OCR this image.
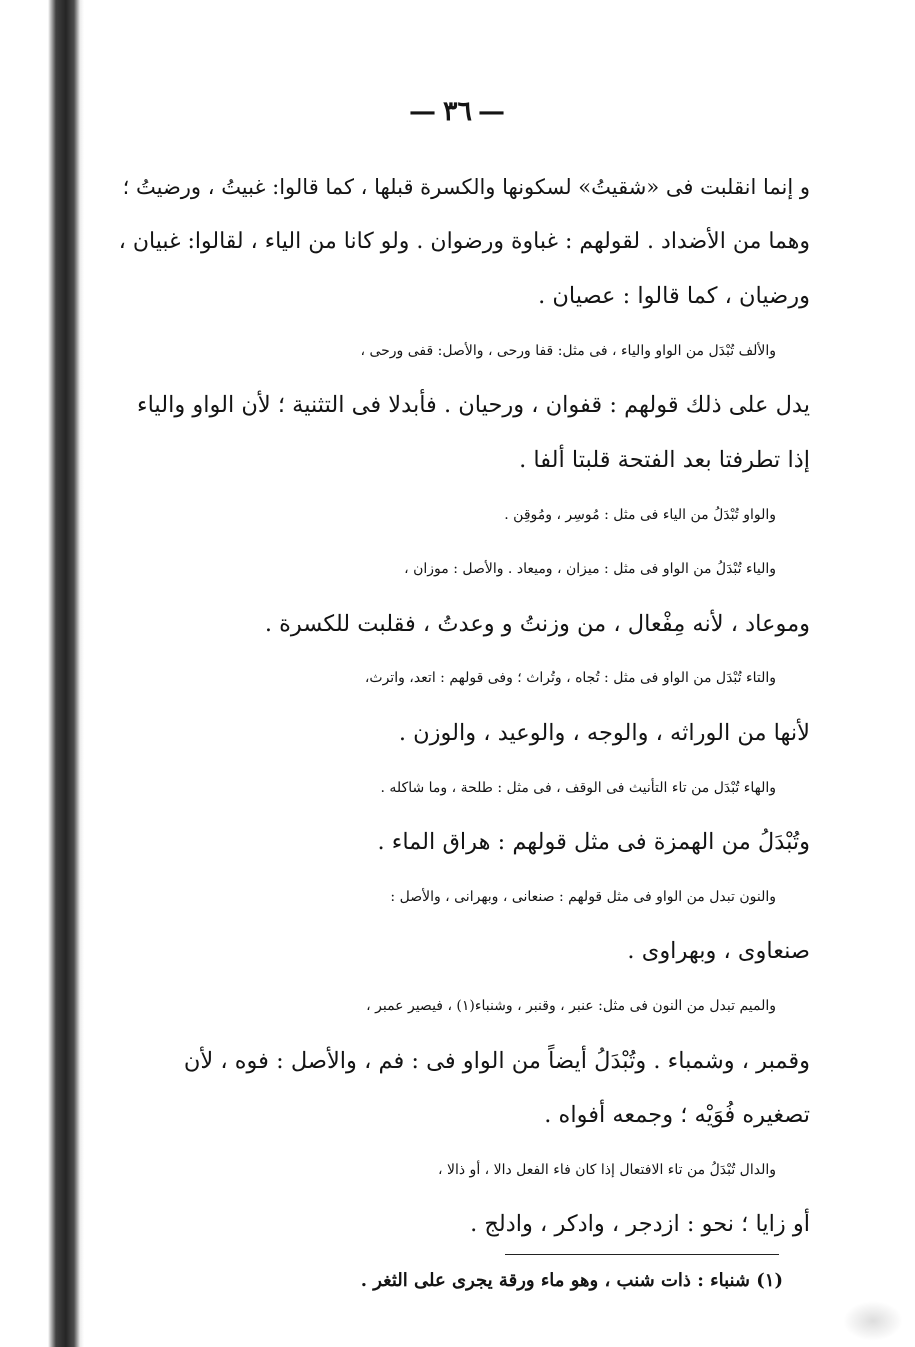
— ٣٦ —
و إنما انقلبت فى «شقيتُ» لسكونها والكسرة قبلها ، كما قالوا: غبيتُ ، ورضيتُ ؛
وهما من الأضداد . لقولهم : غباوة ورضوان . ولو كانا من الياء ، لقالوا: غبيان ،
ورضيان ، كما قالوا : عصيان .
والألف تُبْدَل من الواو والياء ، فى مثل: قفا ورحى ، والأصل: قفى ورحى ،
يدل على ذلك قولهم : قفوان ، ورحيان . فأبدلا فى التثنية ؛ لأن الواو والياء
إذا تطرفتا بعد الفتحة قلبتا ألفا .
والواو تُبْدَلُ من الياء فى مثل : مُوسِر ، ومُوقِن .
والياء تُبْدَلُ من الواو فى مثل : ميزان ، وميعاد . والأصل : موزان ،
وموعاد ، لأنه مِفْعال ، من وزنتُ و وعدتُ ، فقلبت للكسرة .
والتاء تُبْدَل من الواو فى مثل : تُجاه ، وتُراث ؛ وفى قولهم : اتعد، واترث،
لأنها من الوراثه ، والوجه ، والوعيد ، والوزن .
والهاء تُبْدَل من تاء التأنيث فى الوقف ، فى مثل : طلحة ، وما شاكله .
وتُبْدَلُ من الهمزة فى مثل قولهم : هراق الماء .
والنون تبدل من الواو فى مثل قولهم : صنعانى ، وبهرانى ، والأصل :
صنعاوى ، وبهراوى .
والميم تبدل من النون فى مثل: عنبر ، وقنبر ، وشنباء(١) ، فيصير عمبر ،
وقمبر ، وشمباء . وتُبْدَلُ أيضاً من الواو فى : فم ، والأصل : فوه ، لأن
تصغيره فُوَيْه ؛ وجمعه أفواه .
والدال تُبْدَلُ من تاء الافتعال إذا كان فاء الفعل دالا ، أو ذالا ،
أو زايا ؛ نحو : ازدجر ، وادكر ، وادلج .
(١) شنباء : ذات شنب ، وهو ماء ورقة يجرى على الثغر .
